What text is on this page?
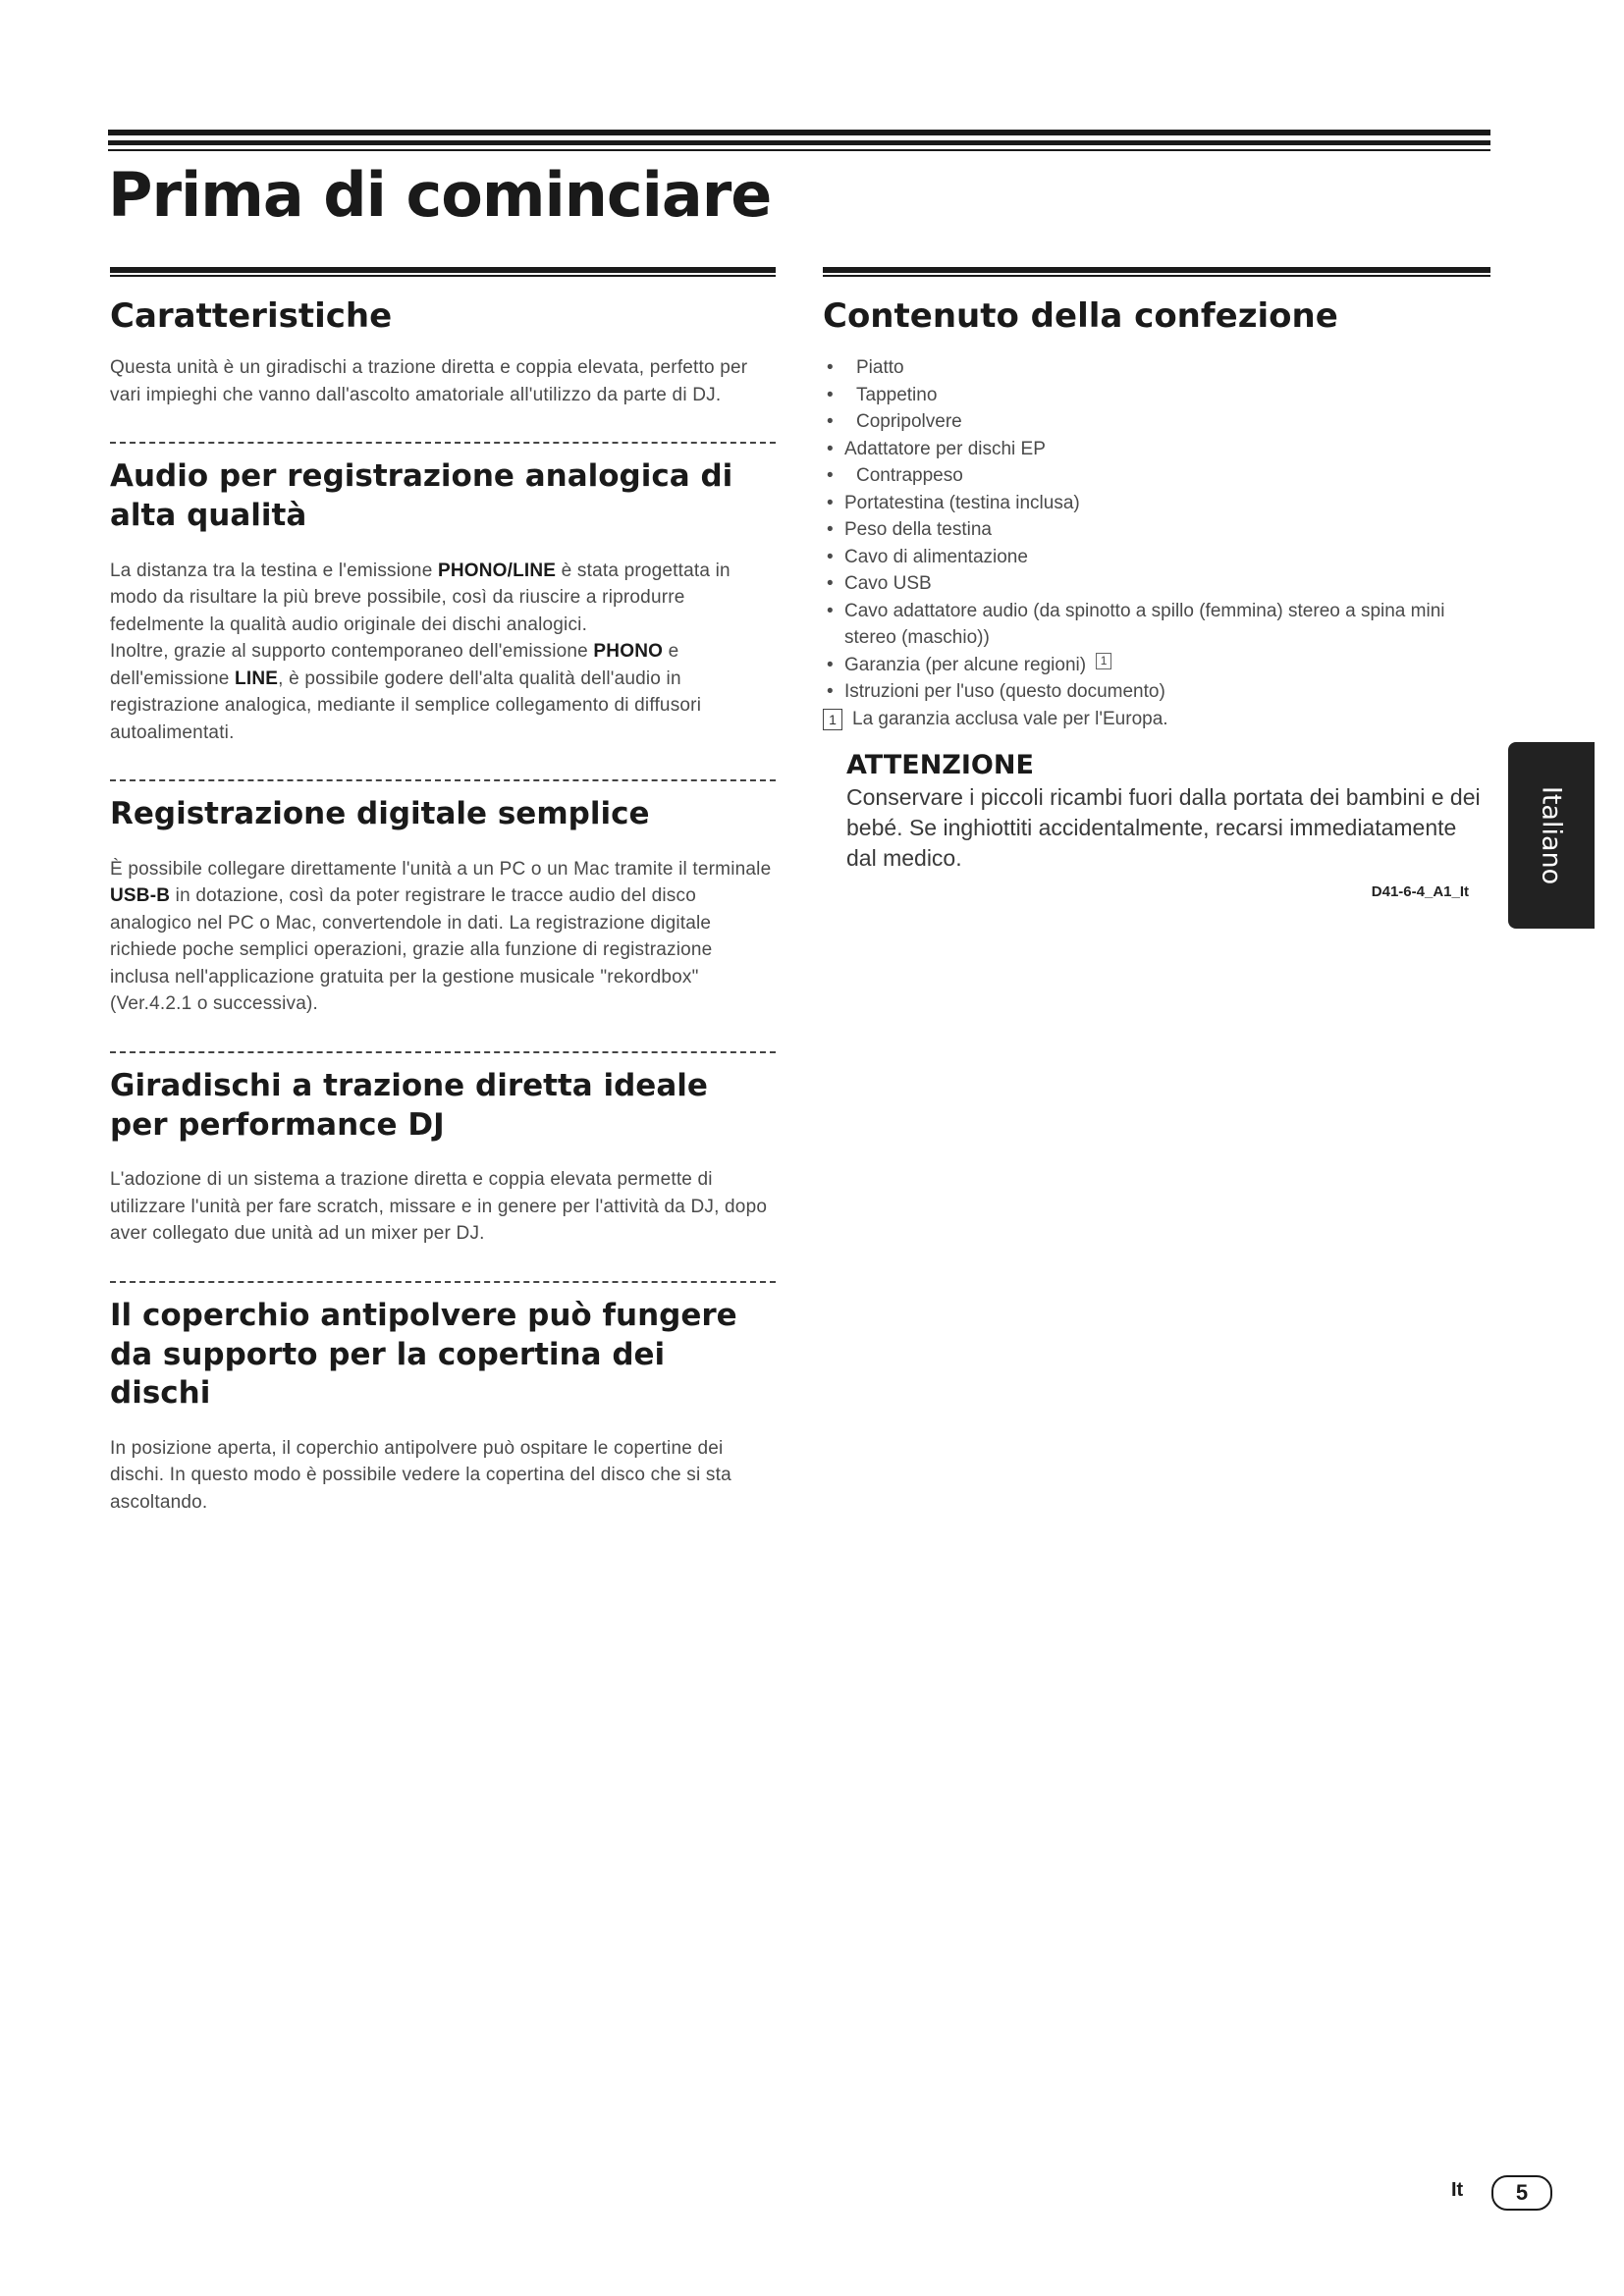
Prima di cominciare
Caratteristiche

Questa unità è un giradischi a trazione diretta e coppia elevata, perfetto per vari impieghi che vanno dall'ascolto amatoriale all'utilizzo da parte di DJ.

Audio per registrazione analogica di alta qualità

La distanza tra la testina e l'emissione PHONO/LINE è stata progettata in modo da risultare la più breve possibile, così da riuscire a riprodurre fedelmente la qualità audio originale dei dischi analogici.

Inoltre, grazie al supporto contemporaneo dell'emissione PHONO e dell'emissione LINE, è possibile godere dell'alta qualità dell'audio in registrazione analogica, mediante il semplice collegamento di diffusori autoalimentati.

Registrazione digitale semplice

È possibile collegare direttamente l'unità a un PC o un Mac tramite il terminale USB-B in dotazione, così da poter registrare le tracce audio del disco analogico nel PC o Mac, convertendole in dati. La registrazione digitale richiede poche semplici operazioni, grazie alla funzione di registrazione inclusa nell'applicazione gratuita per la gestione musicale "rekordbox" (Ver.4.2.1 o successiva).

Giradischi a trazione diretta ideale per performance DJ

L'adozione di un sistema a trazione diretta e coppia elevata permette di utilizzare l'unità per fare scratch, missare e in genere per l'attività da DJ, dopo aver collegato due unità ad un mixer per DJ.

Il coperchio antipolvere può fungere da supporto per la copertina dei dischi

In posizione aperta, il coperchio antipolvere può ospitare le copertine dei dischi. In questo modo è possibile vedere la copertina del disco che si sta ascoltando.

Contenuto della confezione
• Piatto
• Tappetino
• Copripolvere
• Adattatore per dischi EP
• Contrappeso
• Portatestina (testina inclusa)
• Peso della testina
• Cavo di alimentazione
• Cavo USB
• Cavo adattatore audio (da spinotto a spillo (femmina) stereo a spina mini stereo (maschio))
• Garanzia (per alcune regioni) 1
• Istruzioni per l'uso (questo documento)

1 La garanzia acclusa vale per l'Europa.

ATTENZIONE

Conservare i piccoli ricambi fuori dalla portata dei bambini e dei bebé. Se inghiottiti accidentalmente, recarsi immediatamente dal medico.

D41-6-4_A1_It
Italiano
It	5
